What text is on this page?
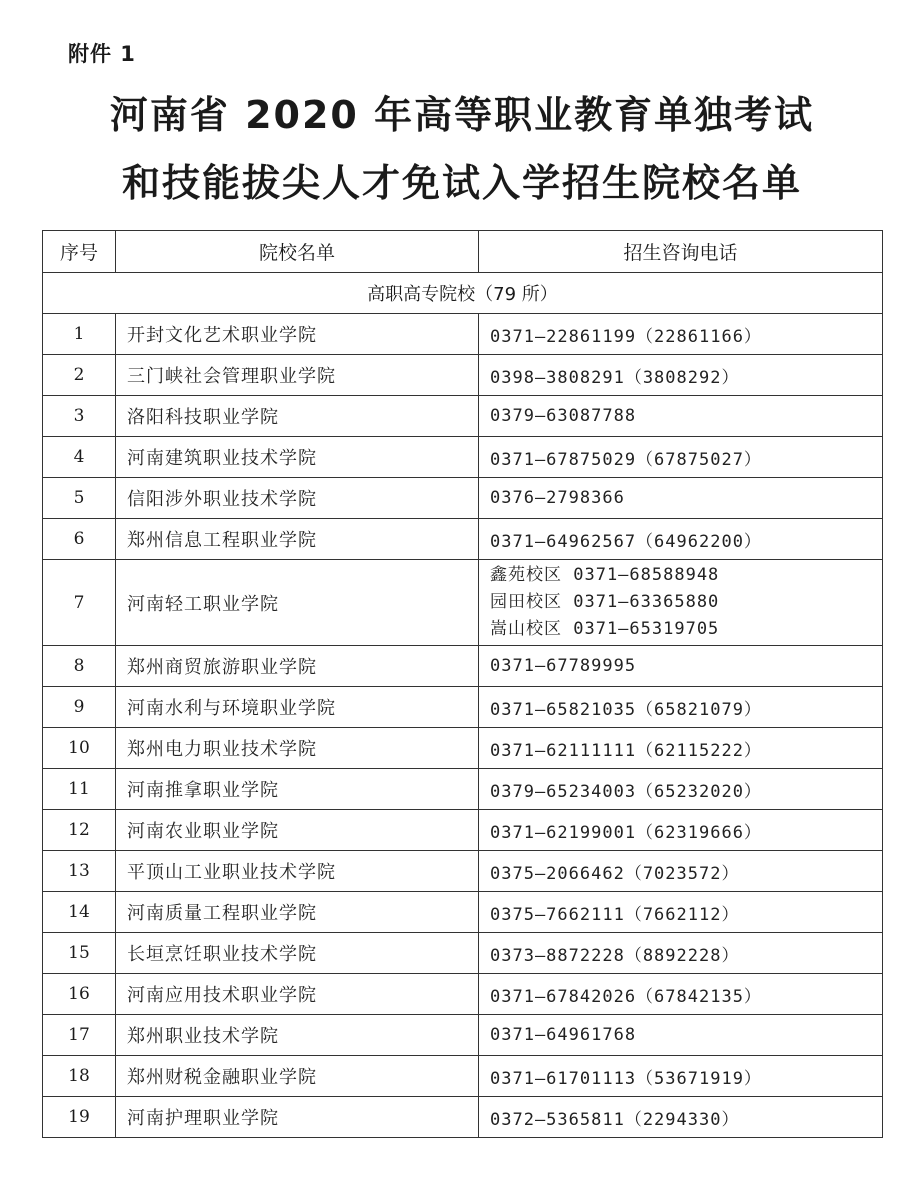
附件 1
河南省 2020 年高等职业教育单独考试
和技能拔尖人才免试入学招生院校名单
序号	院校名单	招生咨询电话
高职高专院校（79 所）		
1	开封文化艺术职业学院	0371—22861199（22861166）
2	三门峡社会管理职业学院	0398—3808291（3808292）
3	洛阳科技职业学院	0379—63087788
4	河南建筑职业技术学院	0371—67875029（67875027）
5	信阳涉外职业技术学院	0376—2798366
6	郑州信息工程职业学院	0371—64962567（64962200）
7	河南轻工职业学院	鑫苑校区 0371—68588948
园田校区 0371—63365880
嵩山校区 0371—65319705

8	郑州商贸旅游职业学院	0371—67789995
9	河南水利与环境职业学院	0371—65821035（65821079）
10	郑州电力职业技术学院	0371—62111111（62115222）
11	河南推拿职业学院	0379—65234003（65232020）
12	河南农业职业学院	0371—62199001（62319666）
13	平顶山工业职业技术学院	0375—2066462（7023572）
14	河南质量工程职业学院	0375—7662111（7662112）
15	长垣烹饪职业技术学院	0373—8872228（8892228）
16	河南应用技术职业学院	0371—67842026（67842135）
17	郑州职业技术学院	0371—64961768
18	郑州财税金融职业学院	0371—61701113（53671919）
19	河南护理职业学院	0372—5365811（2294330）
